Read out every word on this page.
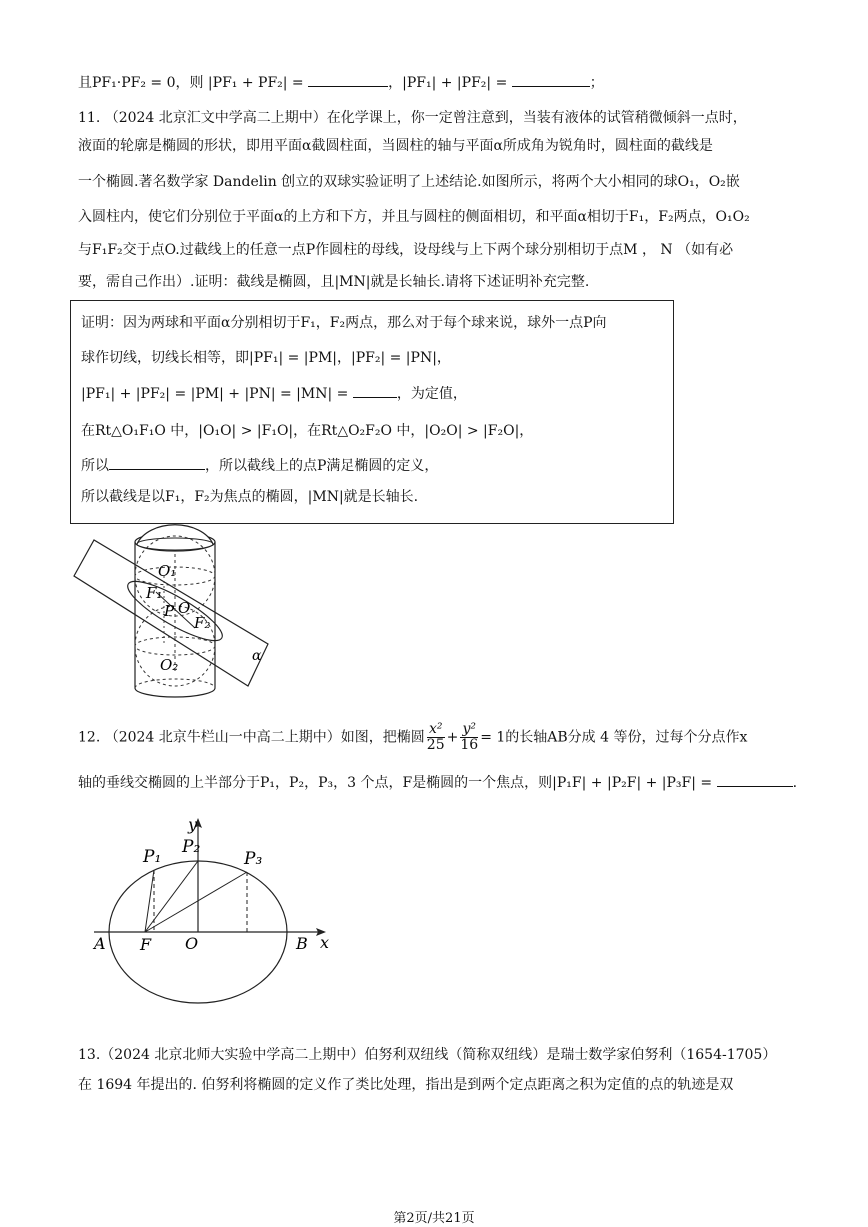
且PF₁·PF₂ = 0，则 |PF₁ + PF₂| =	，|PF₁| + |PF₂| =	；
11. （2024 北京汇文中学高二上期中）在化学课上，你一定曾注意到，当装有液体的试管稍微倾斜一点时，
液面的轮廓是椭圆的形状，即用平面α截圆柱面，当圆柱的轴与平面α所成角为锐角时，圆柱面的截线是
一个椭圆.著名数学家 Dandelin 创立的双球实验证明了上述结论.如图所示，将两个大小相同的球O₁，O₂嵌
入圆柱内，使它们分别位于平面α的上方和下方，并且与圆柱的侧面相切，和平面α相切于F₁，F₂两点，O₁O₂
与F₁F₂交于点O.过截线上的任意一点P作圆柱的母线，设母线与上下两个球分别相切于点M ， N （如有必
要，需自己作出）.证明：截线是椭圆，且|MN|就是长轴长.请将下述证明补充完整.
证明：因为两球和平面α分别相切于F₁，F₂两点，那么对于每个球来说，球外一点P向
球作切线，切线长相等，即|PF₁| = |PM|，|PF₂| = |PN|，
|PF₁| + |PF₂| = |PM| + |PN| = |MN| =	，为定值，
在Rt△O₁F₁O 中，|O₁O| > |F₁O|，在Rt△O₂F₂O 中，|O₂O| > |F₂O|，
所以	，所以截线上的点P满足椭圆的定义，
所以截线是以F₁，F₂为焦点的椭圆，|MN|就是长轴长.
O₁
F₁
P O
F₂
O₂	α
12. （2024 北京牛栏山一中高二上期中）如图，把椭圆 $\frac{\text{x²}}{25} + \frac{\text{y²}}{16} = 1$的长轴AB分成 4 等份，过每个分点作x
轴的垂线交椭圆的上半部分于P₁，P₂，P₃，3 个点，F是椭圆的一个焦点，则|P₁F| + |P₂F| + |P₃F| =	.
y
x
P₁ P₂
P₃
A F O	B
13.（2024 北京北师大实验中学高二上期中）伯努利双纽线（简称双纽线）是瑞士数学家伯努利（1654-1705）
在 1694 年提出的. 伯努利将椭圆的定义作了类比处理，指出是到两个定点距离之积为定值的点的轨迹是双
第2页/共21页
